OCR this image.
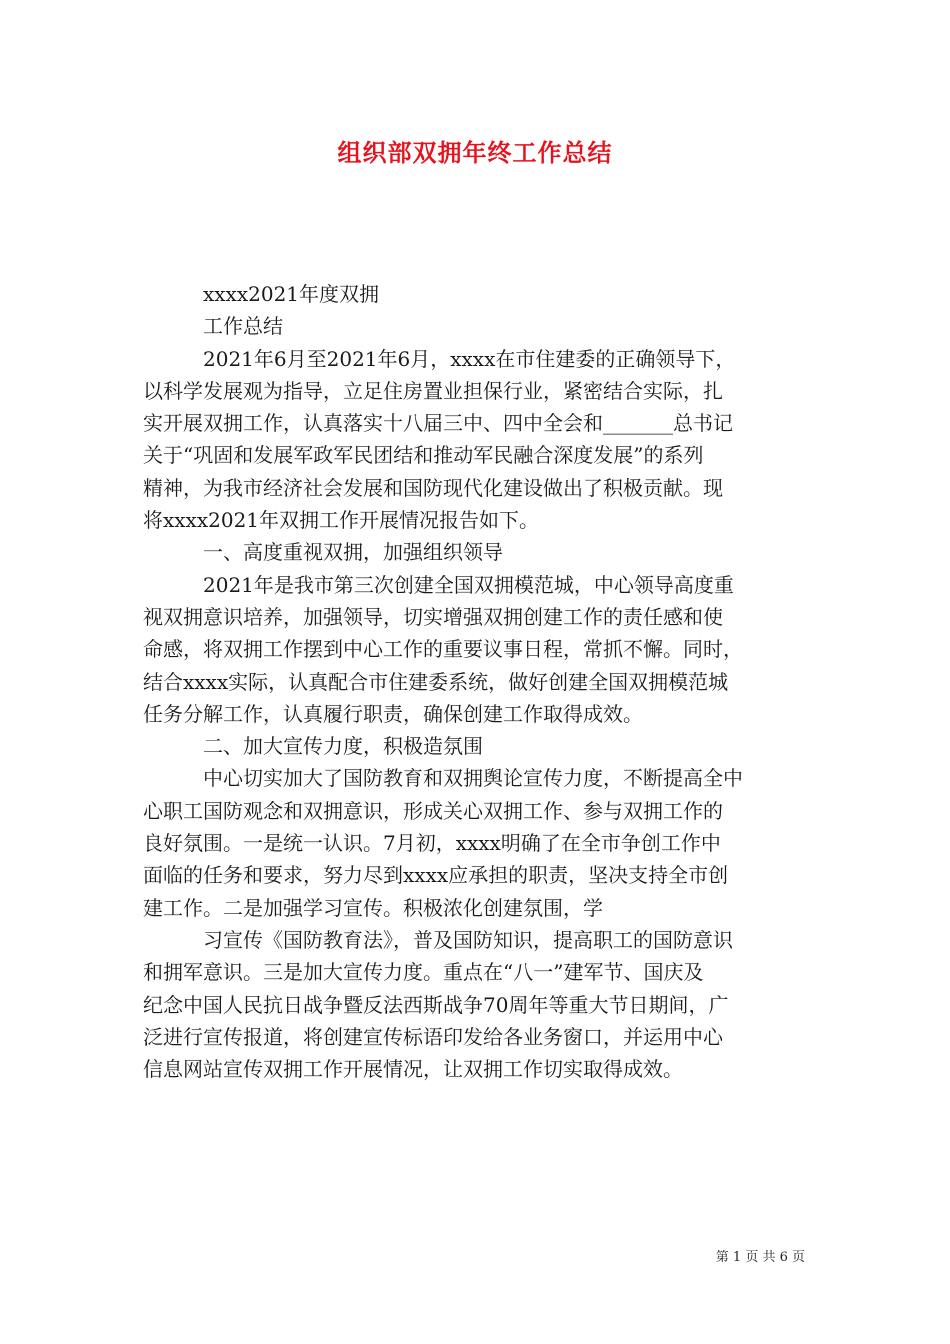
组织部双拥年终工作总结
xxxx2021年度双拥
工作总结
2021年6月至2021年6月，xxxx在市住建委的正确领导下，
以科学发展观为指导，立足住房置业担保行业，紧密结合实际，扎
实开展双拥工作，认真落实十八届三中、四中全会和_______总书记
关于“巩固和发展军政军民团结和推动军民融合深度发展”的系列
精神，为我市经济社会发展和国防现代化建设做出了积极贡献。现
将xxxx2021年双拥工作开展情况报告如下。
一、高度重视双拥，加强组织领导
2021年是我市第三次创建全国双拥模范城，中心领导高度重
视双拥意识培养，加强领导，切实增强双拥创建工作的责任感和使
命感，将双拥工作摆到中心工作的重要议事日程，常抓不懈。同时，
结合xxxx实际，认真配合市住建委系统，做好创建全国双拥模范城
任务分解工作，认真履行职责，确保创建工作取得成效。
二、加大宣传力度，积极造氛围
中心切实加大了国防教育和双拥舆论宣传力度，不断提高全中
心职工国防观念和双拥意识，形成关心双拥工作、参与双拥工作的
良好氛围。一是统一认识。7月初，xxxx明确了在全市争创工作中
面临的任务和要求，努力尽到xxxx应承担的职责，坚决支持全市创
建工作。二是加强学习宣传。积极浓化创建氛围，学
习宣传《国防教育法》，普及国防知识，提高职工的国防意识
和拥军意识。三是加大宣传力度。重点在“八一”建军节、国庆及
纪念中国人民抗日战争暨反法西斯战争70周年等重大节日期间，广
泛进行宣传报道，将创建宣传标语印发给各业务窗口，并运用中心
信息网站宣传双拥工作开展情况，让双拥工作切实取得成效。
第 1 页 共 6 页
